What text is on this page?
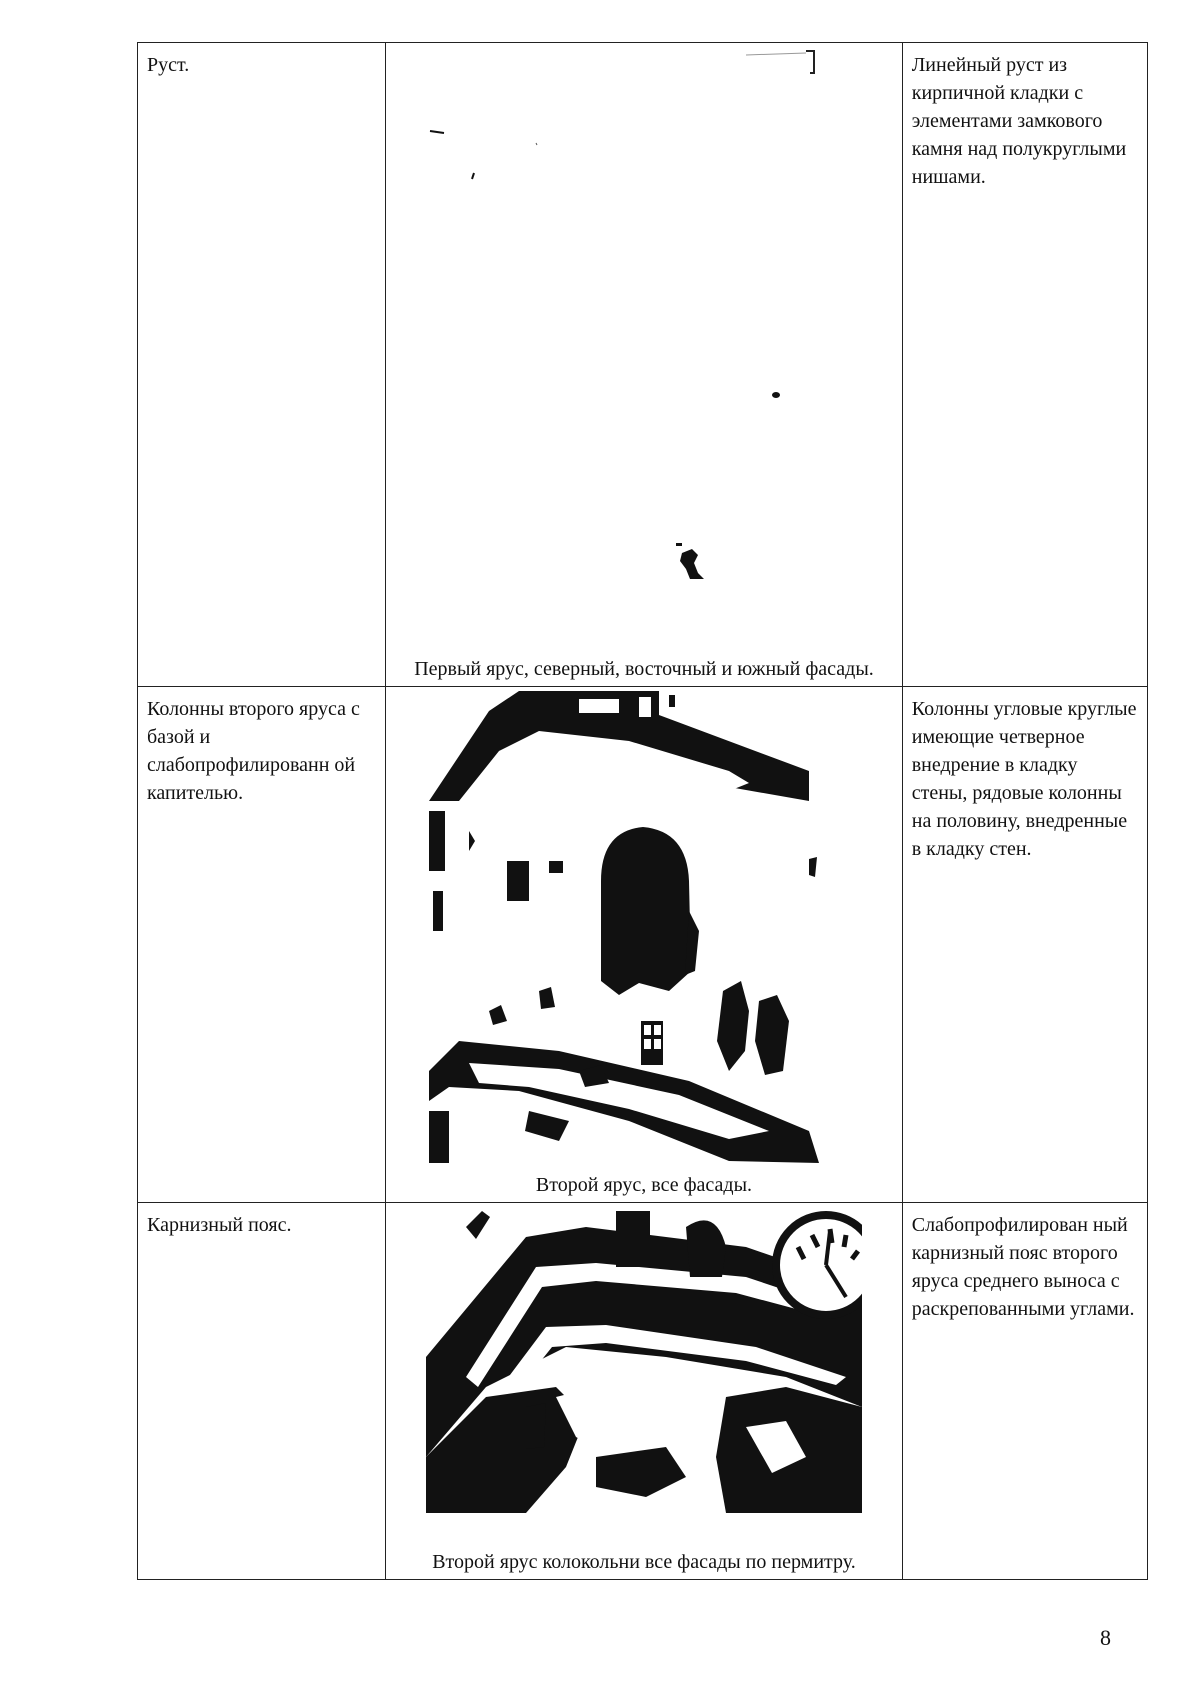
Руст.	Первый ярус, северный, восточный и южный фасады.	Линейный руст из кирпичной кладки с элементами замкового камня над полукруглыми нишами.

Колонны второго яруса с базой и слабопрофилированн ой капителью.	Второй ярус, все фасады.	Колонны угловые круглые имеющие четверное внедрение в кладку стены, рядовые колонны на половину, внедренные в кладку стен.

Карнизный пояс.	Второй ярус колокольни все фасады по пермитру.	Слабопрофилирован ный карнизный пояс второго яруса среднего выноса с раскрепованными углами.
8
